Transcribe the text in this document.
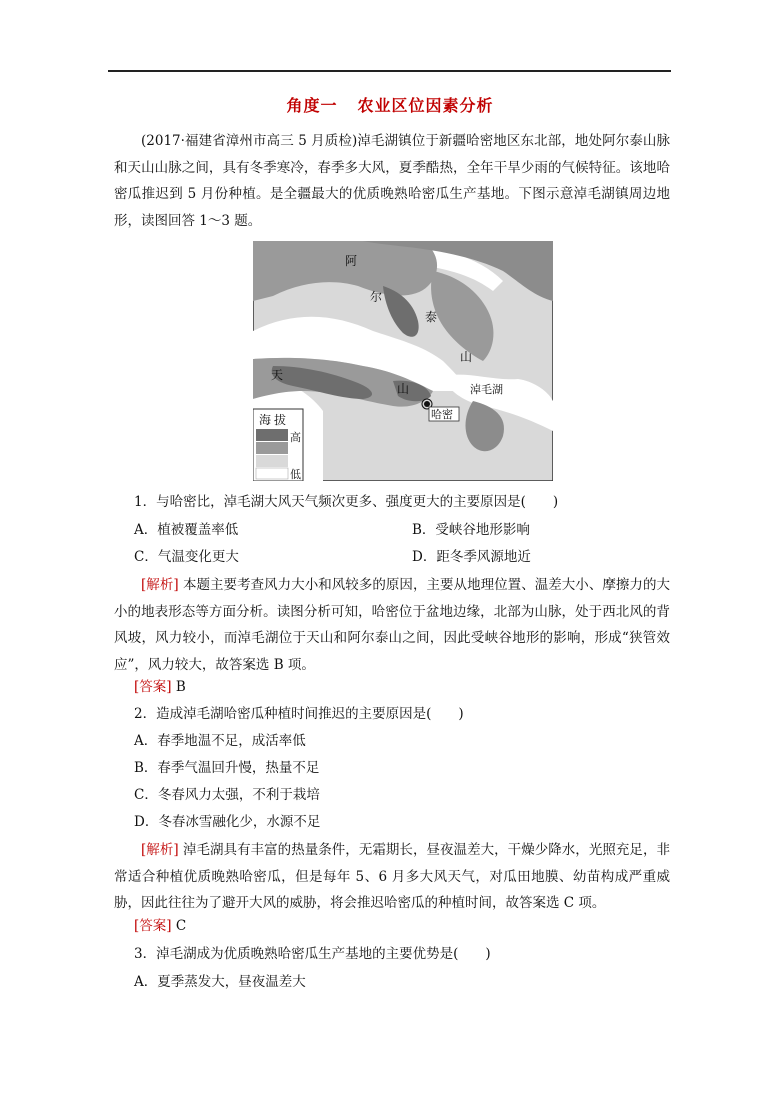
角度一 农业区位因素分析
(2017·福建省漳州市高三 5 月质检)淖毛湖镇位于新疆哈密地区东北部，地处阿尔泰山脉和天山山脉之间，具有冬季寒冷，春季多大风，夏季酷热，全年干旱少雨的气候特征。该地哈密瓜推迟到 5 月份种植。是全疆最大的优质晚熟哈密瓜生产基地。下图示意淖毛湖镇周边地形，读图回答 1～3 题。
阿
尔
泰
山
天
山	淖毛湖
哈密
海 拔
高
低
1．与哈密比，淖毛湖大风天气频次更多、强度更大的主要原因是(　　)
A．植被覆盖率低	B．受峡谷地形影响
C．气温变化更大	D．距冬季风源地近
[解析] 本题主要考查风力大小和风较多的原因，主要从地理位置、温差大小、摩擦力的大小的地表形态等方面分析。读图分析可知，哈密位于盆地边缘，北部为山脉，处于西北风的背风坡，风力较小，而淖毛湖位于天山和阿尔泰山之间，因此受峡谷地形的影响，形成“狭管效应”，风力较大，故答案选 B 项。
[答案] B
2．造成淖毛湖哈密瓜种植时间推迟的主要原因是(　　)
A．春季地温不足，成活率低
B．春季气温回升慢，热量不足
C．冬春风力太强，不利于栽培
D．冬春冰雪融化少，水源不足
[解析] 淖毛湖具有丰富的热量条件，无霜期长，昼夜温差大，干燥少降水，光照充足，非常适合种植优质晚熟哈密瓜，但是每年 5、6 月多大风天气，对瓜田地膜、幼苗构成严重威胁，因此往往为了避开大风的威胁，将会推迟哈密瓜的种植时间，故答案选 C 项。
[答案] C
3．淖毛湖成为优质晚熟哈密瓜生产基地的主要优势是(　　)
A．夏季蒸发大，昼夜温差大
